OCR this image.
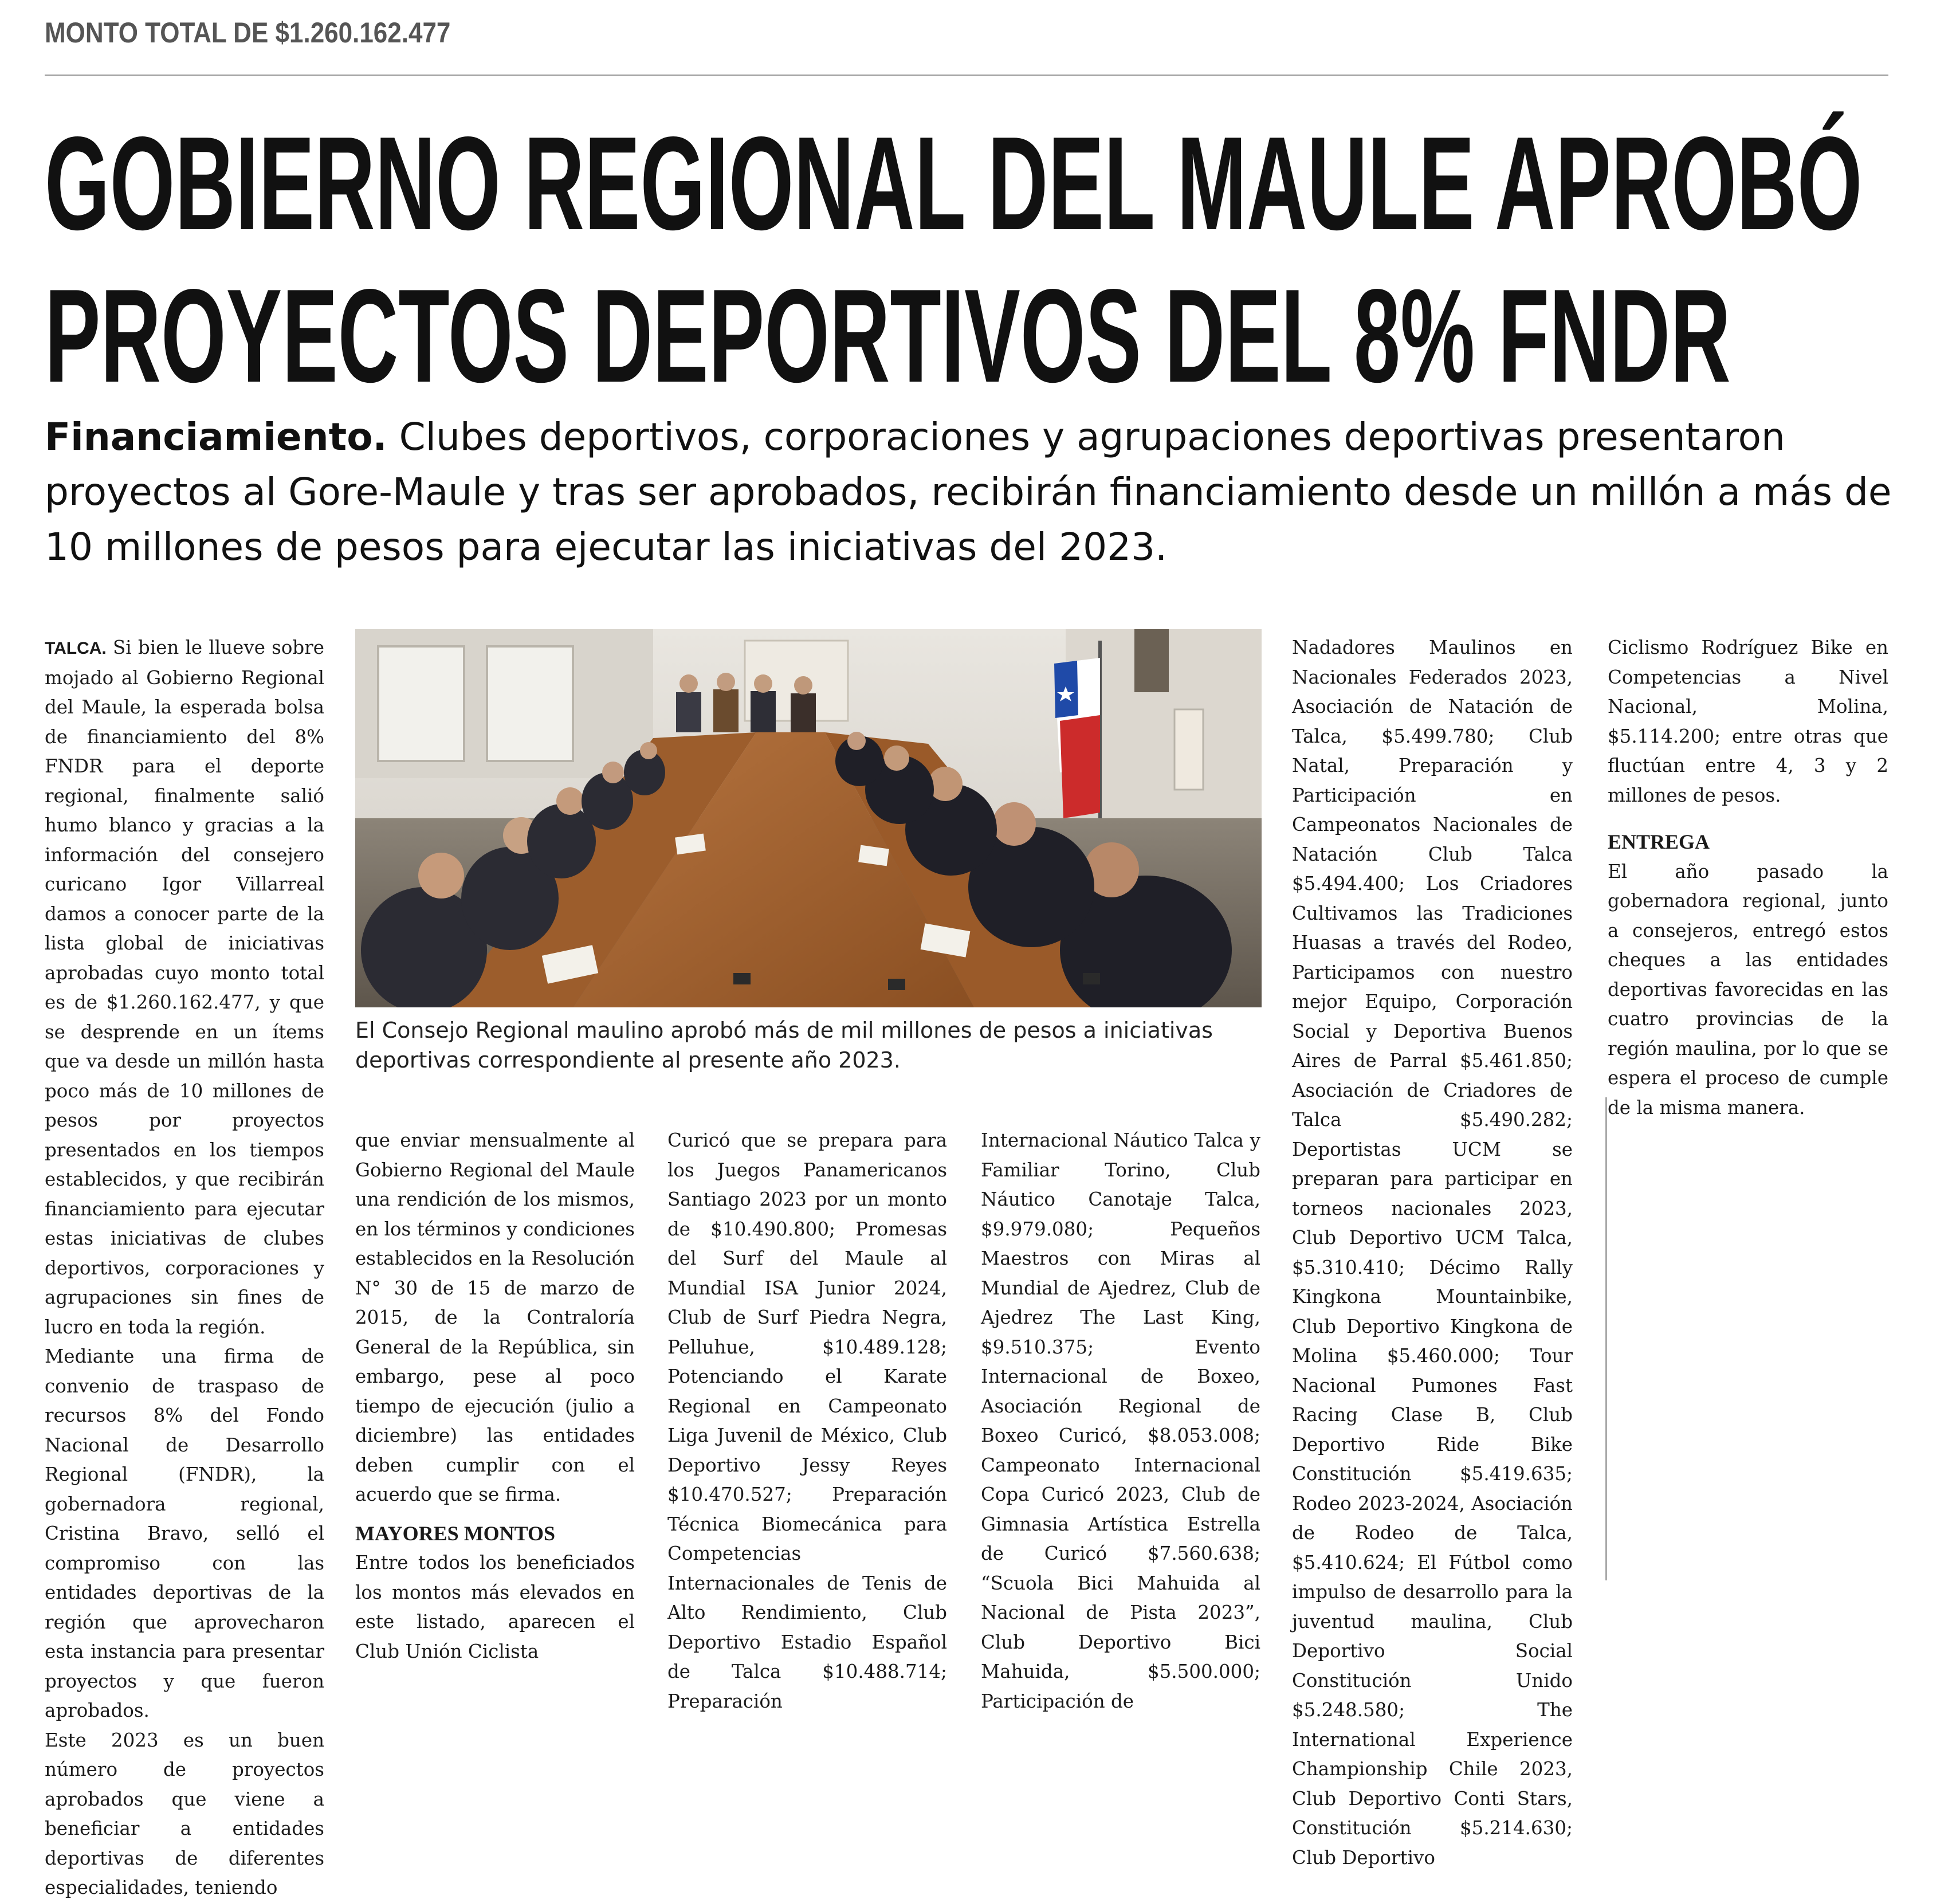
MONTO TOTAL DE $1.260.162.477
GOBIERNO REGIONAL DEL MAULE APROBÓ
PROYECTOS DEPORTIVOS DEL 8% FNDR
Financiamiento. Clubes deportivos, corporaciones y agrupaciones deportivas presentaron proyectos al Gore-Maule y tras ser aprobados, recibirán financiamiento desde un millón a más de 10 millones de pesos para ejecutar las iniciativas del 2023.

TALCA. Si bien le llueve sobre mojado al Gobierno Regional del Maule, la esperada bolsa de financiamiento del 8% FNDR para el deporte regional, finalmente salió humo blanco y gracias a la información del consejero curicano Igor Villarreal damos a conocer parte de la lista global de iniciativas aprobadas cuyo monto total es de $1.260.162.477, y que se desprende en un ítems que va desde un millón hasta poco más de 10 millones de pesos por proyectos presentados en los tiempos establecidos, y que recibirán financiamiento para ejecutar estas iniciativas de clubes deportivos, corporaciones y agrupaciones sin fines de lucro en toda la región.

Mediante una firma de convenio de traspaso de recursos 8% del Fondo Nacional de Desarrollo Regional (FNDR), la gobernadora regional, Cristina Bravo, selló el compromiso con las entidades deportivas de la región que aprovecharon esta instancia para presentar proyectos y que fueron aprobados.

Este 2023 es un buen número de proyectos aprobados que viene a beneficiar a entidades deportivas de diferentes especialidades, teniendo

El Consejo Regional maulino aprobó más de mil millones de pesos a iniciativas deportivas correspondiente al presente año 2023.

que enviar mensualmente al Gobierno Regional del Maule una rendición de los mismos, en los términos y condiciones establecidos en la Resolución N° 30 de 15 de marzo de 2015, de la Contraloría General de la República, sin embargo, pese al poco tiempo de ejecución (julio a diciembre) las entidades deben cumplir con el acuerdo que se firma.

MAYORES MONTOS

Entre todos los beneficiados los montos más elevados en este listado, aparecen el Club Unión Ciclista

Curicó que se prepara para los Juegos Panamericanos Santiago 2023 por un monto de $10.490.800; Promesas del Surf del Maule al Mundial ISA Junior 2024, Club de Surf Piedra Negra, Pelluhue, $10.489.128; Potenciando el Karate Regional en Campeonato Liga Juvenil de México, Club Deportivo Jessy Reyes $10.470.527; Preparación Técnica Biomecánica para Competencias Internacionales de Tenis de Alto Rendimiento, Club Deportivo Estadio Español de Talca $10.488.714; Preparación

Internacional Náutico Talca y Familiar Torino, Club Náutico Canotaje Talca, $9.979.080; Pequeños Maestros con Miras al Mundial de Ajedrez, Club de Ajedrez The Last King, $9.510.375; Evento Internacional de Boxeo, Asociación Regional de Boxeo Curicó, $8.053.008; Campeonato Internacional Copa Curicó 2023, Club de Gimnasia Artística Estrella de Curicó $7.560.638; “Scuola Bici Mahuida al Nacional de Pista 2023”, Club Deportivo Bici Mahuida, $5.500.000; Participación de

Nadadores Maulinos en Nacionales Federados 2023, Asociación de Natación de Talca, $5.499.780; Club Natal, Preparación y Participación en Campeonatos Nacionales de Natación Club Talca $5.494.400; Los Criadores Cultivamos las Tradiciones Huasas a través del Rodeo, Participamos con nuestro mejor Equipo, Corporación Social y Deportiva Buenos Aires de Parral $5.461.850; Asociación de Criadores de Talca $5.490.282; Deportistas UCM se preparan para participar en torneos nacionales 2023, Club Deportivo UCM Talca, $5.310.410; Décimo Rally Kingkona Mountainbike, Club Deportivo Kingkona de Molina $5.460.000; Tour Nacional Pumones Fast Racing Clase B, Club Deportivo Ride Bike Constitución $5.419.635; Rodeo 2023-2024, Asociación de Rodeo de Talca, $5.410.624; El Fútbol como impulso de desarrollo para la juventud maulina, Club Deportivo Social Constitución Unido $5.248.580; The International Experience Championship Chile 2023, Club Deportivo Conti Stars, Constitución $5.214.630; Club Deportivo

Ciclismo Rodríguez Bike en Competencias a Nivel Nacional, Molina, $5.114.200; entre otras que fluctúan entre 4, 3 y 2 millones de pesos.

ENTREGA

El año pasado la gobernadora regional, junto a consejeros, entregó estos cheques a las entidades deportivas favorecidas en las cuatro provincias de la región maulina, por lo que se espera el proceso de cumple de la misma manera.
